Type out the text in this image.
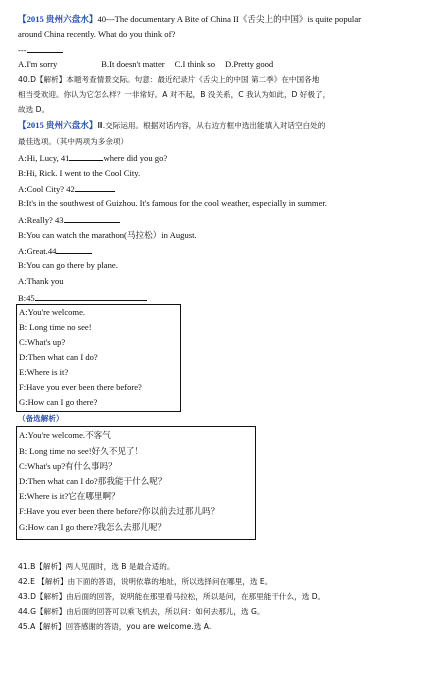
【2015 贵州六盘水】40---The documentary A Bite of China II《舌尖上的中国》is quite popular
around China recently. What do you think of?
---
A.I'm sorry	B.It doesn't matter C.I think so D.Pretty good
40.D【解析】本题考查情景交际。句意：最近纪录片《舌尖上的中国 第二季》在中国各地
相当受欢迎。你认为它怎么样？一非常好。A 对不起，B 没关系，C 我认为如此，D 好极了，
故选 D。
【2015 贵州六盘水】Ⅲ.交际运用。根据对话内容，从右边方框中选出能填入对话空白处的
最佳选项。（其中两项为多余项）
A:Hi, Lucy, 41	where did you go?
B:Hi, Rick. I went to the Cool City.
A:Cool City? 42
B:It's in the southwest of Guizhou. It's famous for the cool weather, especially in summer.
A:Really? 43
B:You can watch the marathon(马拉松）in August.
A:Great.44
B:You can go there by plane.
A:Thank you
B:45
A:You're welcome.
B: Long time no see!
C:What's up?
D:Then what can I do?
E:Where is it?
F:Have you ever been there before?
G:How can I go there?
（备选解析）
A:You're welcome.不客气
B: Long time no see!好久不见了！
C:What's up?有什么事吗？
D:Then what can I do?那我能干什么呢？
E:Where is it?它在哪里啊？
F:Have you ever been there before?你以前去过那儿吗？
G:How can I go there?我怎么去那儿呢？
41.B【解析】两人见面时，选 B 是最合适的。
42.E 【解析】由下面的答语，说明依靠的地址，所以选择问在哪里，选 E。
43.D【解析】由后面的回答，说明能在那里看马拉松，所以是问，在那里能干什么，选 D。
44.G【解析】由后面的回答可以乘飞机去，所以问：如何去那儿，选 G。
45.A【解析】回答感谢的答语，you are welcome.选 A.
